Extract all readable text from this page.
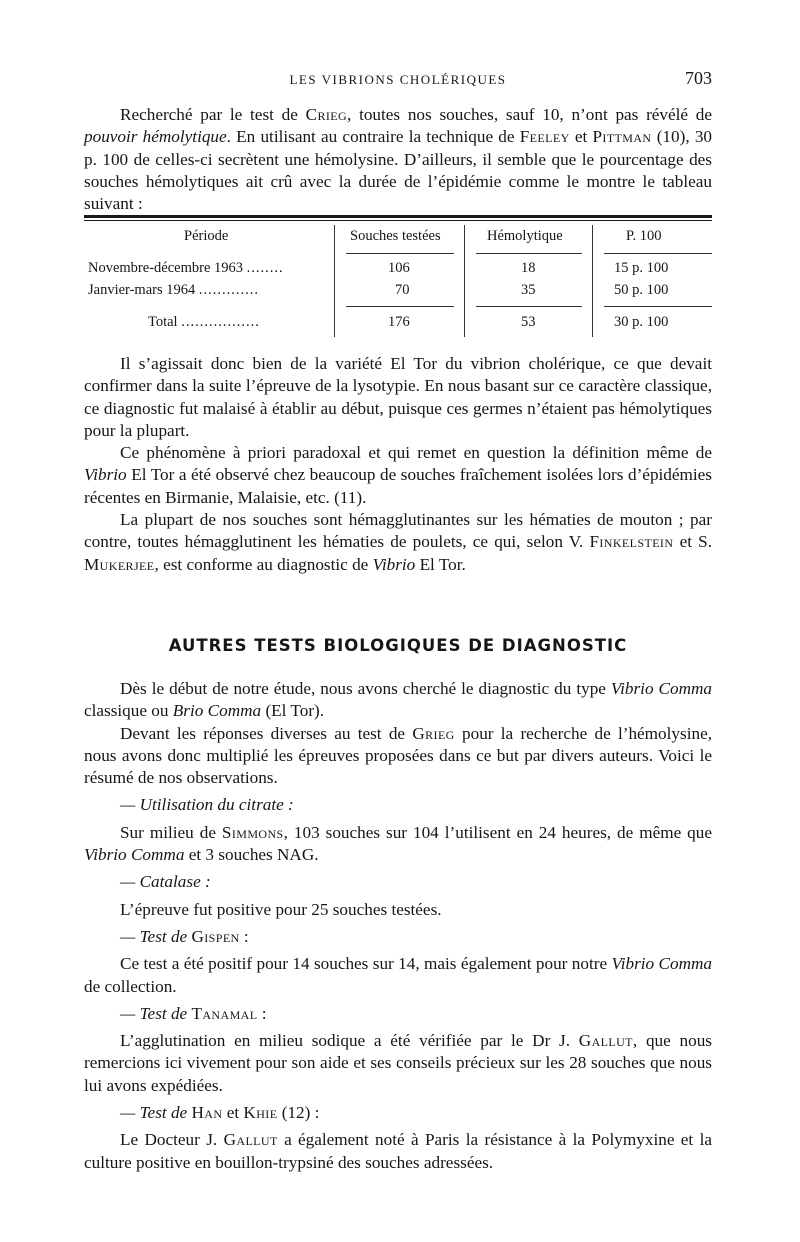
LES VIBRIONS CHOLÉRIQUES	703

Recherché par le test de Crieg, toutes nos souches, sauf 10, n’ont pas révélé de pouvoir hémolytique. En utilisant au contraire la technique de Feeley et Pittman (10), 30 p. 100 de celles-ci secrètent une hémolysine. D’ailleurs, il semble que le pourcentage des souches hémolytiques ait crû avec la durée de l’épidémie comme le montre le tableau suivant :

Période	Souches testées	Hémolytique	P. 100
Novembre-décembre 1963 ........	106	18	15 p. 100
Janvier-mars 1964 .............	70	35	50 p. 100
Total .................	176	53	30 p. 100

Il s’agissait donc bien de la variété El Tor du vibrion cholérique, ce que devait confirmer dans la suite l’épreuve de la lysotypie. En nous basant sur ce caractère classique, ce diagnostic fut malaisé à établir au début, puisque ces germes n’étaient pas hémolytiques pour la plupart.

Ce phénomène à priori paradoxal et qui remet en question la définition même de Vibrio El Tor a été observé chez beaucoup de souches fraîchement isolées lors d’épidémies récentes en Birmanie, Malaisie, etc. (11).

La plupart de nos souches sont hémagglutinantes sur les hématies de mouton ; par contre, toutes hémagglutinent les hématies de poulets, ce qui, selon V. Finkelstein et S. Mukerjee, est conforme au diagnostic de Vibrio El Tor.

AUTRES TESTS BIOLOGIQUES DE DIAGNOSTIC

Dès le début de notre étude, nous avons cherché le diagnostic du type Vibrio Comma classique ou Brio Comma (El Tor).

Devant les réponses diverses au test de Grieg pour la recherche de l’hémolysine, nous avons donc multiplié les épreuves proposées dans ce but par divers auteurs. Voici le résumé de nos observations.

— Utilisation du citrate :

Sur milieu de Simmons, 103 souches sur 104 l’utilisent en 24 heures, de même que Vibrio Comma et 3 souches NAG.

— Catalase :

L’épreuve fut positive pour 25 souches testées.

— Test de Gispen :

Ce test a été positif pour 14 souches sur 14, mais également pour notre Vibrio Comma de collection.

— Test de Tanamal :

L’agglutination en milieu sodique a été vérifiée par le Dr J. Gallut, que nous remercions ici vivement pour son aide et ses conseils précieux sur les 28 souches que nous lui avons expédiées.

— Test de Han et Khie (12) :

Le Docteur J. Gallut a également noté à Paris la résistance à la Polymyxine et la culture positive en bouillon-trypsiné des souches adressées.
